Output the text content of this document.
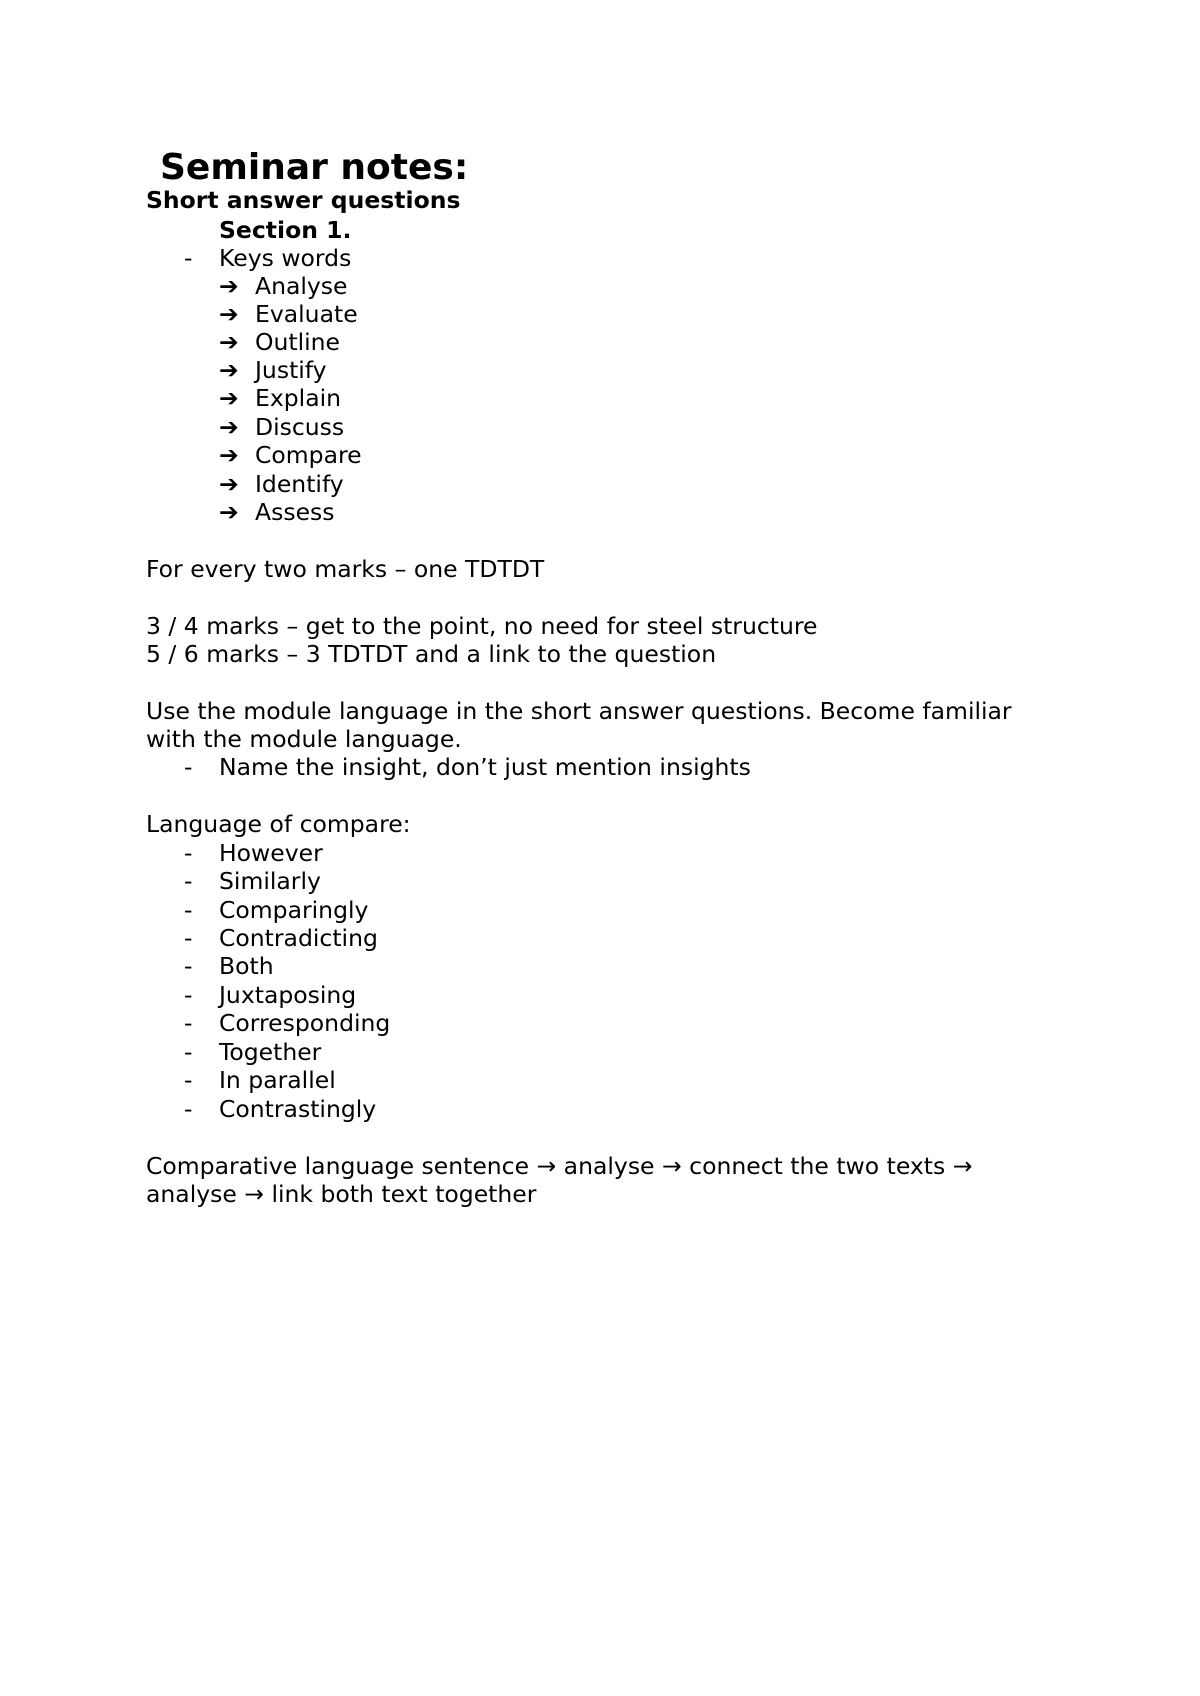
Seminar notes:
Short answer questions
Section 1.
- Keys words
➔ Analyse
➔ Evaluate
➔ Outline
➔ Justify
➔ Explain
➔ Discuss
➔ Compare
➔ Identify
➔ Assess
For every two marks – one TDTDT
3 / 4 marks – get to the point, no need for steel structure
5 / 6 marks – 3 TDTDT and a link to the question
Use the module language in the short answer questions. Become familiar
with the module language.
- Name the insight, don’t just mention insights
Language of compare:
- However
- Similarly
- Comparingly
- Contradicting
- Both
- Juxtaposing
- Corresponding
- Together
- In parallel
- Contrastingly
Comparative language sentence → analyse → connect the two texts →
analyse → link both text together
